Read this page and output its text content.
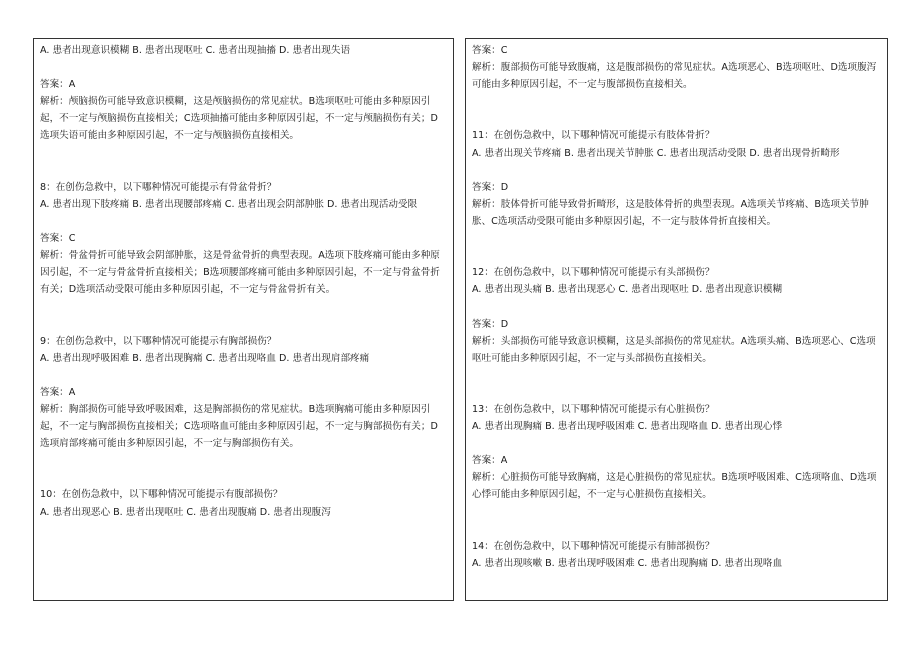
A. 患者出现意识模糊 B. 患者出现呕吐 C. 患者出现抽搐 D. 患者出现失语

答案：A

解析：颅脑损伤可能导致意识模糊，这是颅脑损伤的常见症状。B选项呕吐可能由多种原因引起，不一定与颅脑损伤直接相关；C选项抽搐可能由多种原因引起，不一定与颅脑损伤有关；D选项失语可能由多种原因引起，不一定与颅脑损伤直接相关。

8：在创伤急救中，以下哪种情况可能提示有骨盆骨折？

A. 患者出现下肢疼痛 B. 患者出现腰部疼痛 C. 患者出现会阴部肿胀 D. 患者出现活动受限

答案：C

解析：骨盆骨折可能导致会阴部肿胀，这是骨盆骨折的典型表现。A选项下肢疼痛可能由多种原因引起，不一定与骨盆骨折直接相关；B选项腰部疼痛可能由多种原因引起，不一定与骨盆骨折有关；D选项活动受限可能由多种原因引起，不一定与骨盆骨折有关。

9：在创伤急救中，以下哪种情况可能提示有胸部损伤？

A. 患者出现呼吸困难 B. 患者出现胸痛 C. 患者出现咯血 D. 患者出现肩部疼痛

答案：A

解析：胸部损伤可能导致呼吸困难，这是胸部损伤的常见症状。B选项胸痛可能由多种原因引起，不一定与胸部损伤直接相关；C选项咯血可能由多种原因引起，不一定与胸部损伤有关；D选项肩部疼痛可能由多种原因引起，不一定与胸部损伤有关。

10：在创伤急救中，以下哪种情况可能提示有腹部损伤？

A. 患者出现恶心 B. 患者出现呕吐 C. 患者出现腹痛 D. 患者出现腹泻

答案：C

解析：腹部损伤可能导致腹痛，这是腹部损伤的常见症状。A选项恶心、B选项呕吐、D选项腹泻可能由多种原因引起，不一定与腹部损伤直接相关。

11：在创伤急救中，以下哪种情况可能提示有肢体骨折？

A. 患者出现关节疼痛 B. 患者出现关节肿胀 C. 患者出现活动受限 D. 患者出现骨折畸形

答案：D

解析：肢体骨折可能导致骨折畸形，这是肢体骨折的典型表现。A选项关节疼痛、B选项关节肿胀、C选项活动受限可能由多种原因引起，不一定与肢体骨折直接相关。

12：在创伤急救中，以下哪种情况可能提示有头部损伤？

A. 患者出现头痛 B. 患者出现恶心 C. 患者出现呕吐 D. 患者出现意识模糊

答案：D

解析：头部损伤可能导致意识模糊，这是头部损伤的常见症状。A选项头痛、B选项恶心、C选项呕吐可能由多种原因引起，不一定与头部损伤直接相关。

13：在创伤急救中，以下哪种情况可能提示有心脏损伤？

A. 患者出现胸痛 B. 患者出现呼吸困难 C. 患者出现咯血 D. 患者出现心悸

答案：A

解析：心脏损伤可能导致胸痛，这是心脏损伤的常见症状。B选项呼吸困难、C选项咯血、D选项心悸可能由多种原因引起，不一定与心脏损伤直接相关。

14：在创伤急救中，以下哪种情况可能提示有肺部损伤？

A. 患者出现咳嗽 B. 患者出现呼吸困难 C. 患者出现胸痛 D. 患者出现咯血
